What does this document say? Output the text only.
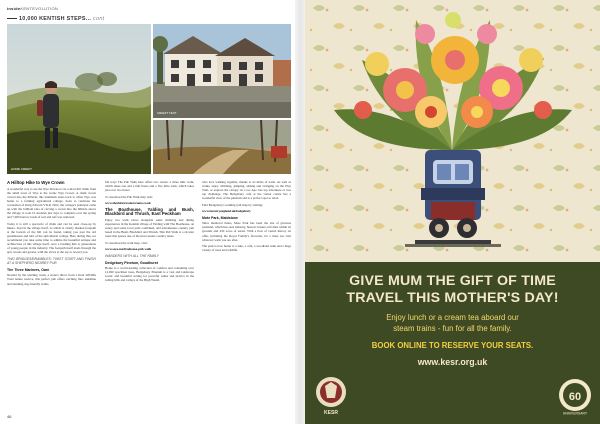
insideKENTEVOLUTION
10,000 KENTISH STEPS... cont
HOME CREDIT
CREDIT TEXT
A Hilltop Hike to Wye Crown

A wonderful way to see the Wye Downs is via a short hill climb from the small town of Wye to the iconic Wye Crown. A chalk crown carved into the hillside, this landmark dates back to when Wye was home to a farming agricultural college. Seen to celebrate the coronation of King Edward VII in 1902, the college's principal came up with the brilliant idea of carving a crown into the hillside above the village. It took 10 students just days to complete over the spring and 7,000 barrow loads of soil and turf was removed.

Today it is still a spectacle of chalk and can be seen close-up by hikers. Start in the village itself, as which is clearly marked footpath at the bottom of the hill can be found, taking you past the old greenhouses and labs of the agricultural college. Here during this, we recommend you take some time to admire the beautiful antique and architecture of this village itself, once a bustling hub to generations of young people in the industry. The footpath itself leads through the epic woods and greens, with the views at the top to reward you.

TWO BRIDGES/BRAMBLES: TWIST START AND FINISH AT A SHEPHERD NEARBY PUB
The Three Mariners, Oare

Nestled by the winding creek, a stone's throw from a Kent Wildlife Trust nature reserve, this perfect pub offers catching fine, sunshine and stunning dog-friendly walks.

fall trap! The Pub Walk here offers two routes: a three mile walk, which takes one and a half hours and a five mile walk, which takes just over two hours.

To download the Pub Walk map visit:

www.theshiretravelersroute.co.uk

The Boathouse, Yalding and Bush, Blackbird and Thrush, East Peckham

Enjoy two walk views alongside some climbing and dining experiences in the Kentish village of Yalding with The Boathouse, an eatery and some local pubs combined, and adventurous country pub based in the Bush, Blackbird and Thrush. This Pub Walk is a circular route that passes one of the most serene country lanes.

To download the walk map, visit:

www.saco.me/freehouse-pub-walk

WANDERS WITH ALL THE FAMILY
Dedgebury Pinetum, Goudhurst

Home to a world-leading collection of conifers and containing over 12,000 specimen trees, Bedgebury Pinetum is a vast and landscape scenic and beautiful setting for peaceful walks and picnics in the rolling hills and valleys of the High Weald.

who love walking together, thanks to its miles of trails. As well as walks, enjoy climbing, jumping, sliding and swinging on the Play Trail, or explore the canopy on a Go Ape tree top adventure or tree top challenge. The Bedgebury café at the visitor centre has a wonderful view of the pinetum and is a perfect spot to relax.

Find Bedgebury's walking trail map by visiting:

www.forestryengland.uk/bedgebury

Mote Park, Maidstone

Since medieval times, Mote Park has been the site of glorious parkland, which has seen industry, historic leisure activities within its grounds and 450 acres of estate. With a host of varied history on offer, including the Royal Family's favourite, it's a must see visit whatever walk you are after.

The park is now home to a lake, a café, a woodland walk and a huge variety of trees and wildlife.

46
GIVE MUM THE GIFT OF TIME
TRAVEL THIS MOTHER'S DAY!
Enjoy lunch or a cream tea aboard our
steam trains - fun for all the family.
BOOK ONLINE TO RESERVE YOUR SEATS.
www.kesr.org.uk
KESR
60
ANNIVERSARY
